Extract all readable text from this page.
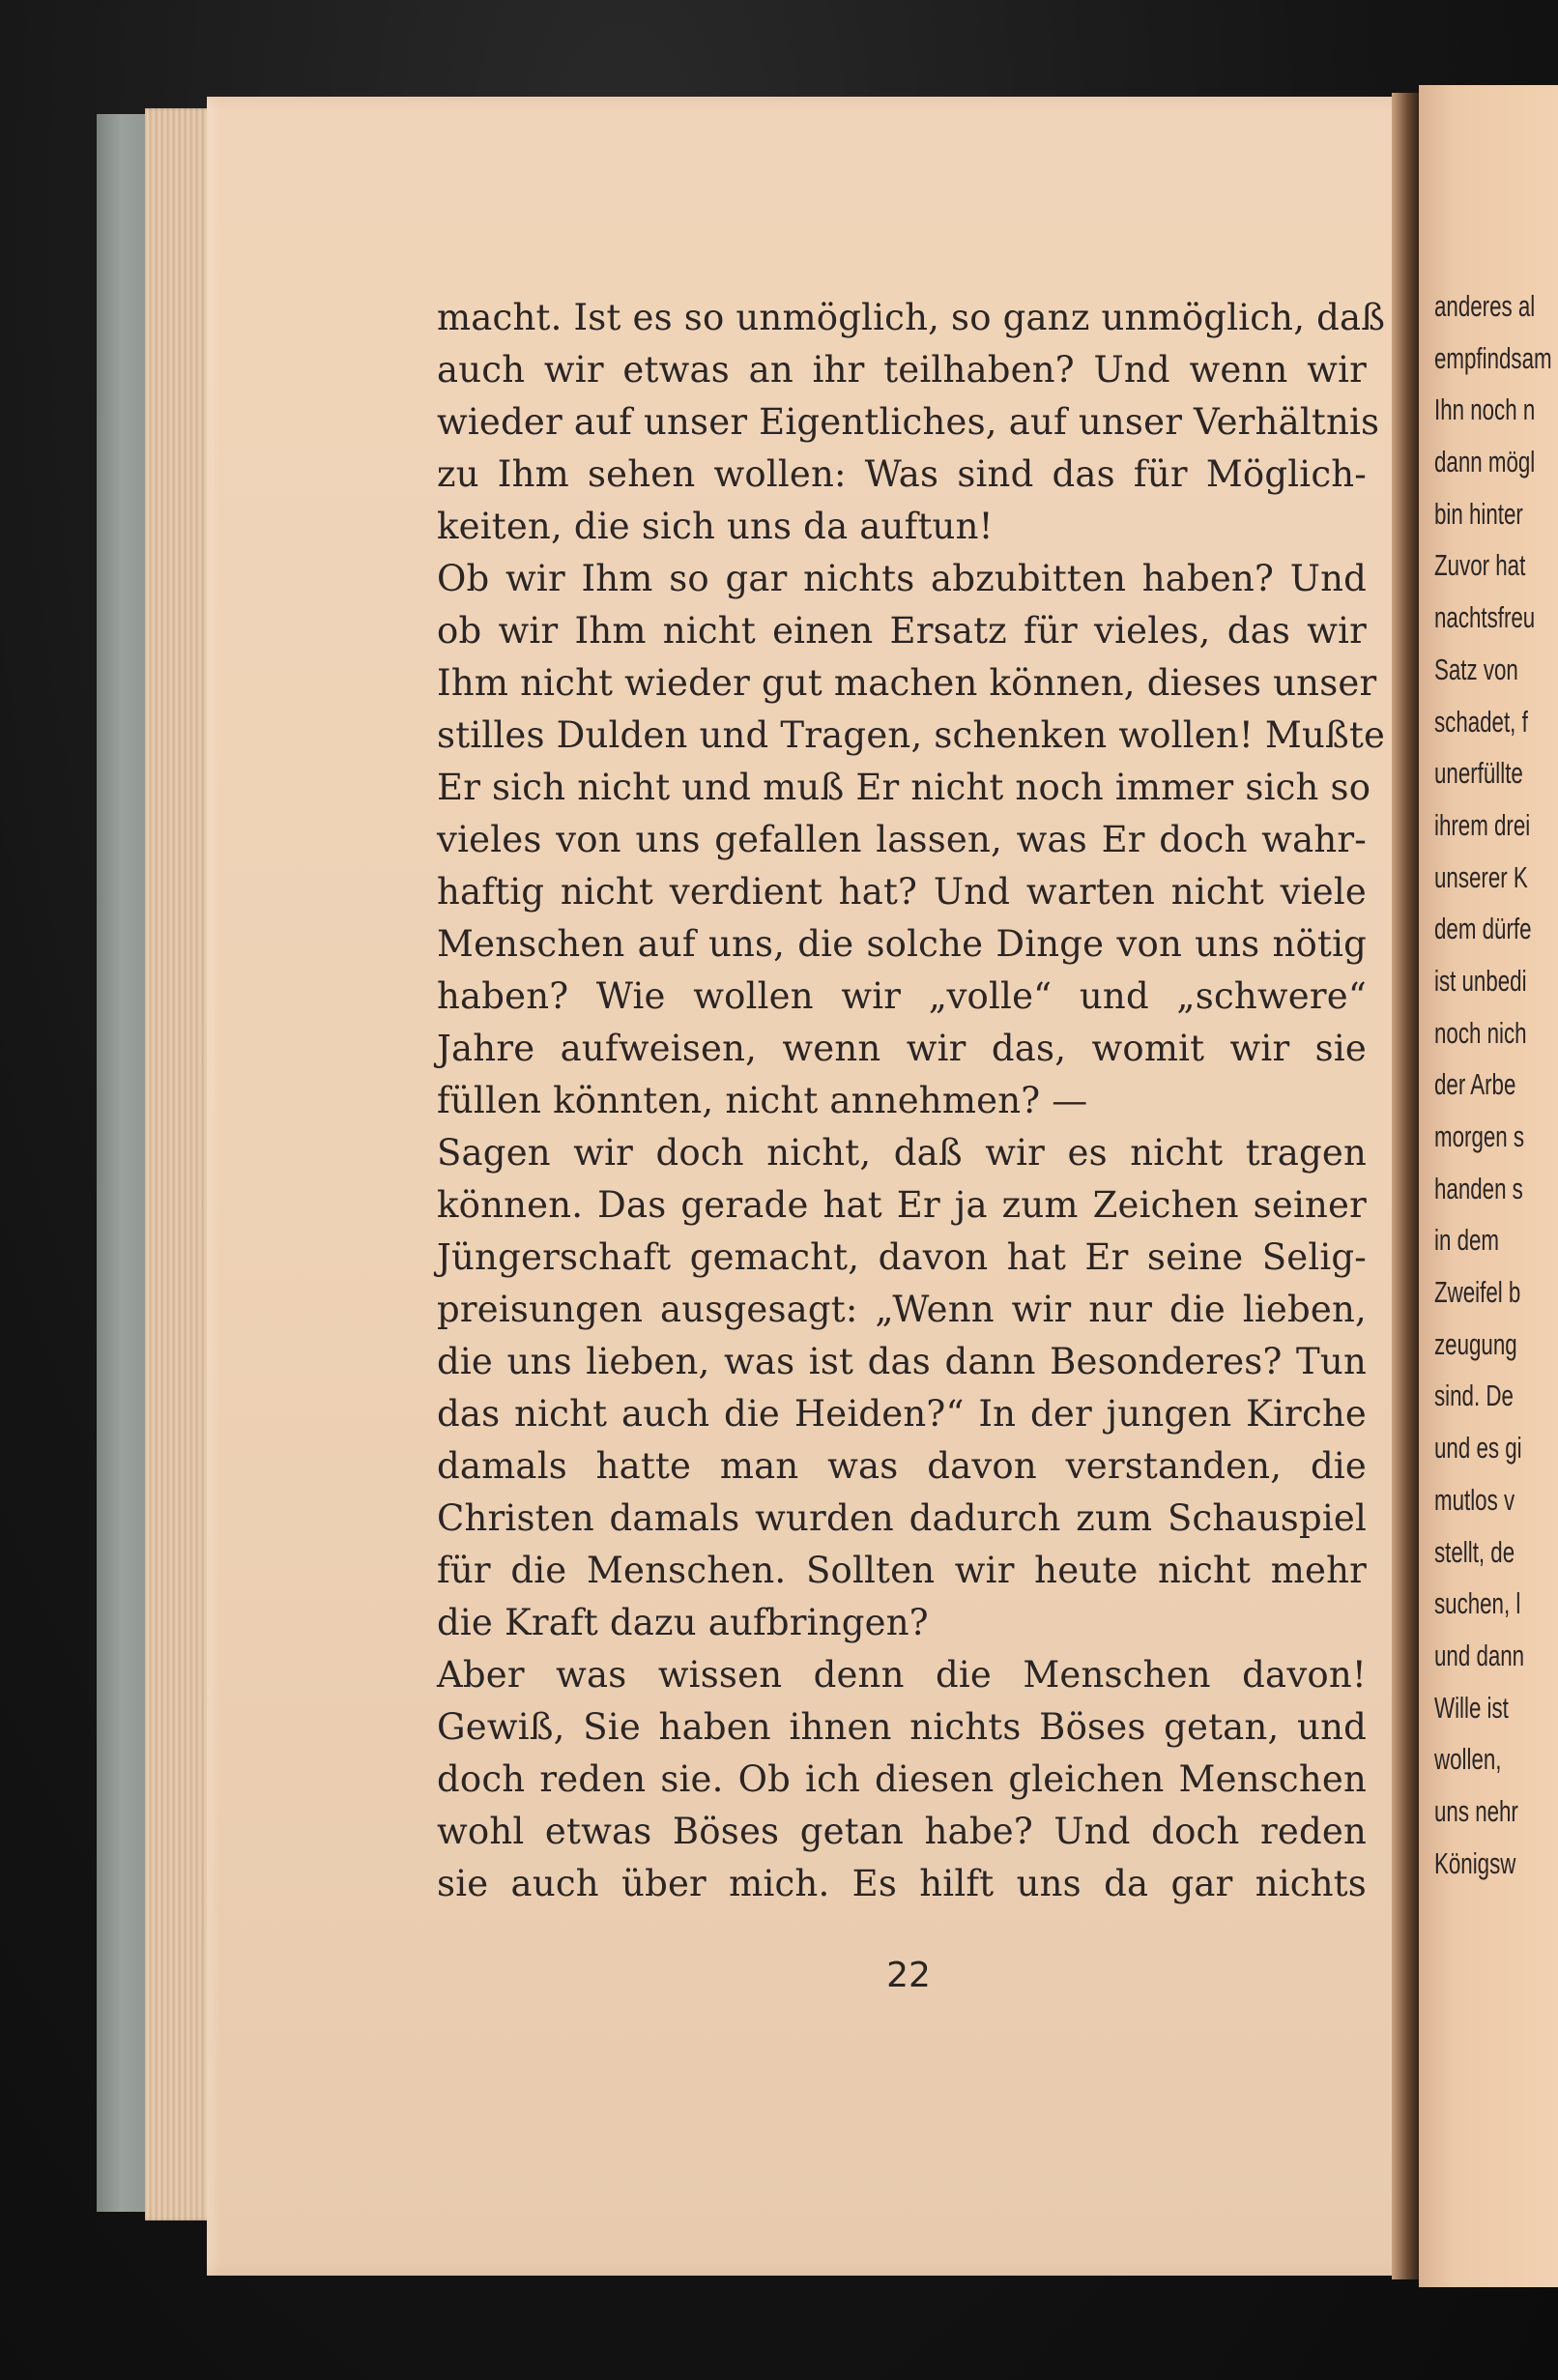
macht. Ist es so unmöglich, so ganz unmöglich, daß

auch wir etwas an ihr teilhaben? Und wenn wir

wieder auf unser Eigentliches, auf unser Verhältnis

zu Ihm sehen wollen: Was sind das für Möglich-

keiten, die sich uns da auftun!

Ob wir Ihm so gar nichts abzubitten haben? Und

ob wir Ihm nicht einen Ersatz für vieles, das wir

Ihm nicht wieder gut machen können, dieses unser

stilles Dulden und Tragen, schenken wollen! Mußte

Er sich nicht und muß Er nicht noch immer sich so

vieles von uns gefallen lassen, was Er doch wahr-

haftig nicht verdient hat? Und warten nicht viele

Menschen auf uns, die solche Dinge von uns nötig

haben? Wie wollen wir „volle“ und „schwere“

Jahre aufweisen, wenn wir das, womit wir sie

füllen könnten, nicht annehmen? —

Sagen wir doch nicht, daß wir es nicht tragen

können. Das gerade hat Er ja zum Zeichen seiner

Jüngerschaft gemacht, davon hat Er seine Selig-

preisungen ausgesagt: „Wenn wir nur die lieben,

die uns lieben, was ist das dann Besonderes? Tun

das nicht auch die Heiden?“ In der jungen Kirche

damals hatte man was davon verstanden, die

Christen damals wurden dadurch zum Schauspiel

für die Menschen. Sollten wir heute nicht mehr

die Kraft dazu aufbringen?

Aber was wissen denn die Menschen davon!

Gewiß, Sie haben ihnen nichts Böses getan, und

doch reden sie. Ob ich diesen gleichen Menschen

wohl etwas Böses getan habe? Und doch reden

sie auch über mich. Es hilft uns da gar nichts

22
anderes al
empfindsam
Ihn noch n
dann mögl
bin hinter
Zuvor hat
nachtsfreu
Satz von
schadet, f
unerfüllte
ihrem drei
unserer K
dem dürfe
ist unbedi
noch nich
der Arbe
morgen s
handen s
in dem
Zweifel b
zeugung
sind. De
und es gi
mutlos v
stellt, de
suchen, l
und dann
Wille ist
wollen,
uns nehr
Königsw
